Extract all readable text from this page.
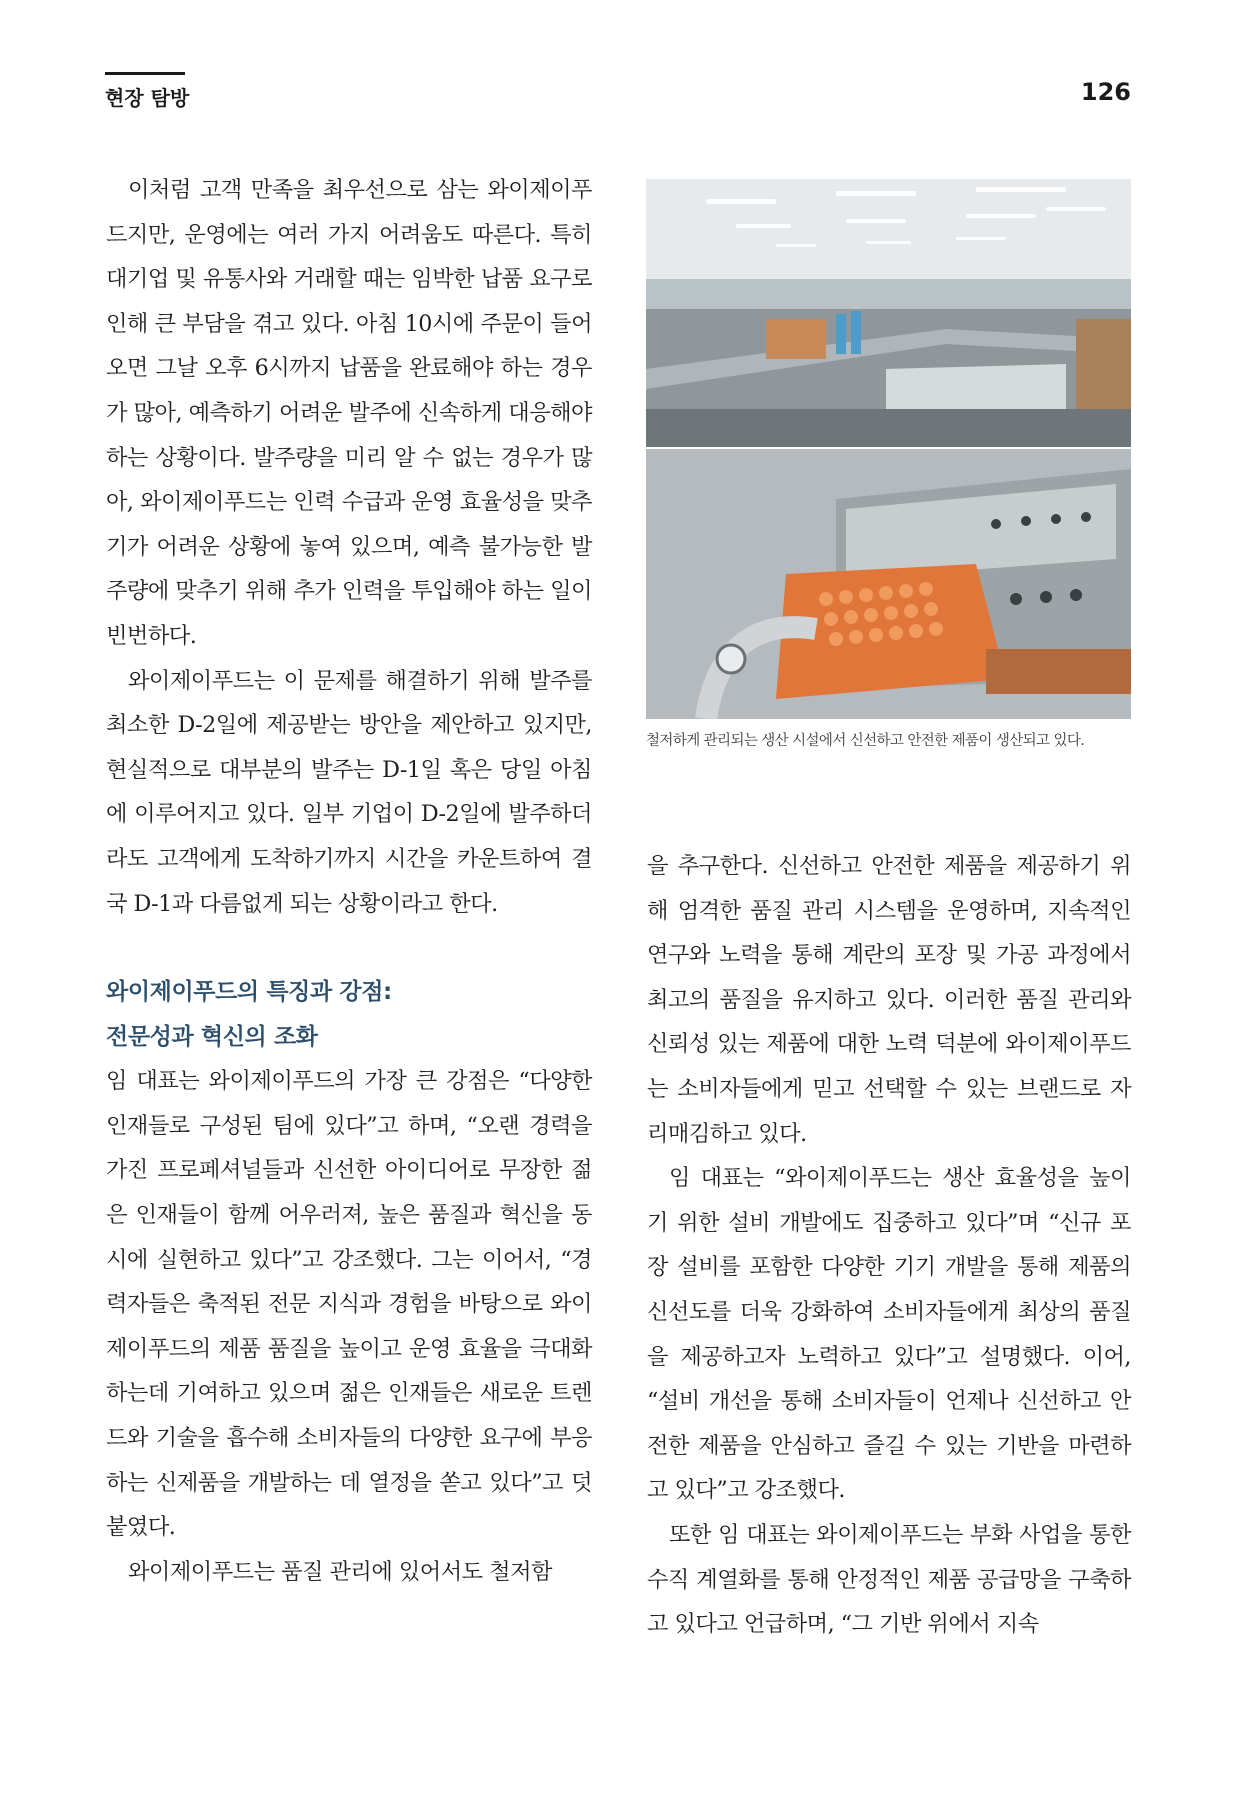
현장 탐방	126

이처럼 고객 만족을 최우선으로 삼는 와이제이푸드지만, 운영에는 여러 가지 어려움도 따른다. 특히 대기업 및 유통사와 거래할 때는 임박한 납품 요구로 인해 큰 부담을 겪고 있다. 아침 10시에 주문이 들어오면 그날 오후 6시까지 납품을 완료해야 하는 경우가 많아, 예측하기 어려운 발주에 신속하게 대응해야 하는 상황이다. 발주량을 미리 알 수 없는 경우가 많아, 와이제이푸드는 인력 수급과 운영 효율성을 맞추기가 어려운 상황에 놓여 있으며, 예측 불가능한 발주량에 맞추기 위해 추가 인력을 투입해야 하는 일이 빈번하다.

와이제이푸드는 이 문제를 해결하기 위해 발주를 최소한 D-2일에 제공받는 방안을 제안하고 있지만, 현실적으로 대부분의 발주는 D-1일 혹은 당일 아침에 이루어지고 있다. 일부 기업이 D-2일에 발주하더라도 고객에게 도착하기까지 시간을 카운트하여 결국 D-1과 다름없게 되는 상황이라고 한다.

와이제이푸드의 특징과 강점:
전문성과 혁신의 조화

임 대표는 와이제이푸드의 가장 큰 강점은 “다양한 인재들로 구성된 팀에 있다”고 하며, “오랜 경력을 가진 프로페셔널들과 신선한 아이디어로 무장한 젊은 인재들이 함께 어우러져, 높은 품질과 혁신을 동시에 실현하고 있다”고 강조했다. 그는 이어서, “경력자들은 축적된 전문 지식과 경험을 바탕으로 와이제이푸드의 제품 품질을 높이고 운영 효율을 극대화하는데 기여하고 있으며 젊은 인재들은 새로운 트렌드와 기술을 흡수해 소비자들의 다양한 요구에 부응하는 신제품을 개발하는 데 열정을 쏟고 있다”고 덧붙였다.

와이제이푸드는 품질 관리에 있어서도 철저함

철저하게 관리되는 생산 시설에서 신선하고 안전한 제품이 생산되고 있다.

을 추구한다. 신선하고 안전한 제품을 제공하기 위해 엄격한 품질 관리 시스템을 운영하며, 지속적인 연구와 노력을 통해 계란의 포장 및 가공 과정에서 최고의 품질을 유지하고 있다. 이러한 품질 관리와 신뢰성 있는 제품에 대한 노력 덕분에 와이제이푸드는 소비자들에게 믿고 선택할 수 있는 브랜드로 자리매김하고 있다.

임 대표는 “와이제이푸드는 생산 효율성을 높이기 위한 설비 개발에도 집중하고 있다”며 “신규 포장 설비를 포함한 다양한 기기 개발을 통해 제품의 신선도를 더욱 강화하여 소비자들에게 최상의 품질을 제공하고자 노력하고 있다”고 설명했다. 이어, “설비 개선을 통해 소비자들이 언제나 신선하고 안전한 제품을 안심하고 즐길 수 있는 기반을 마련하고 있다”고 강조했다.

또한 임 대표는 와이제이푸드는 부화 사업을 통한 수직 계열화를 통해 안정적인 제품 공급망을 구축하고 있다고 언급하며, “그 기반 위에서 지속
